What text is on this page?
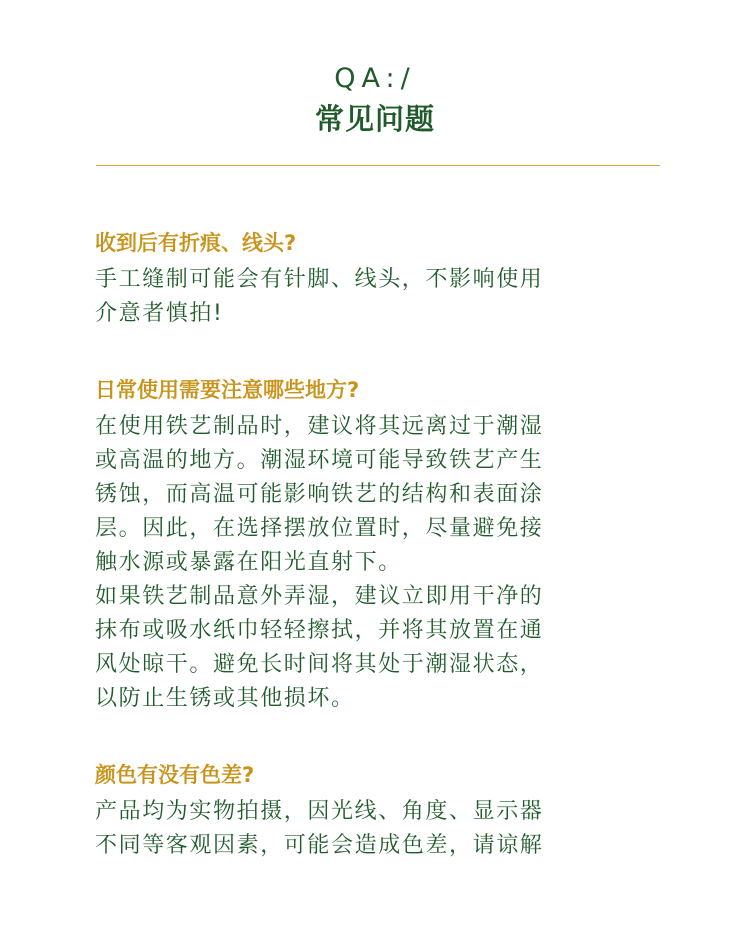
QA:/
常见问题
收到后有折痕、线头?
手工缝制可能会有针脚、线头，不影响使用
介意者慎拍!
日常使用需要注意哪些地方?
在使用铁艺制品时，建议将其远离过于潮湿
或高温的地方。潮湿环境可能导致铁艺产生
锈蚀，而高温可能影响铁艺的结构和表面涂
层。因此，在选择摆放位置时，尽量避免接
触水源或暴露在阳光直射下。
如果铁艺制品意外弄湿，建议立即用干净的
抹布或吸水纸巾轻轻擦拭，并将其放置在通
风处晾干。避免长时间将其处于潮湿状态，
以防止生锈或其他损坏。
颜色有没有色差?
产品均为实物拍摄，因光线、角度、显示器
不同等客观因素，可能会造成色差，请谅解
